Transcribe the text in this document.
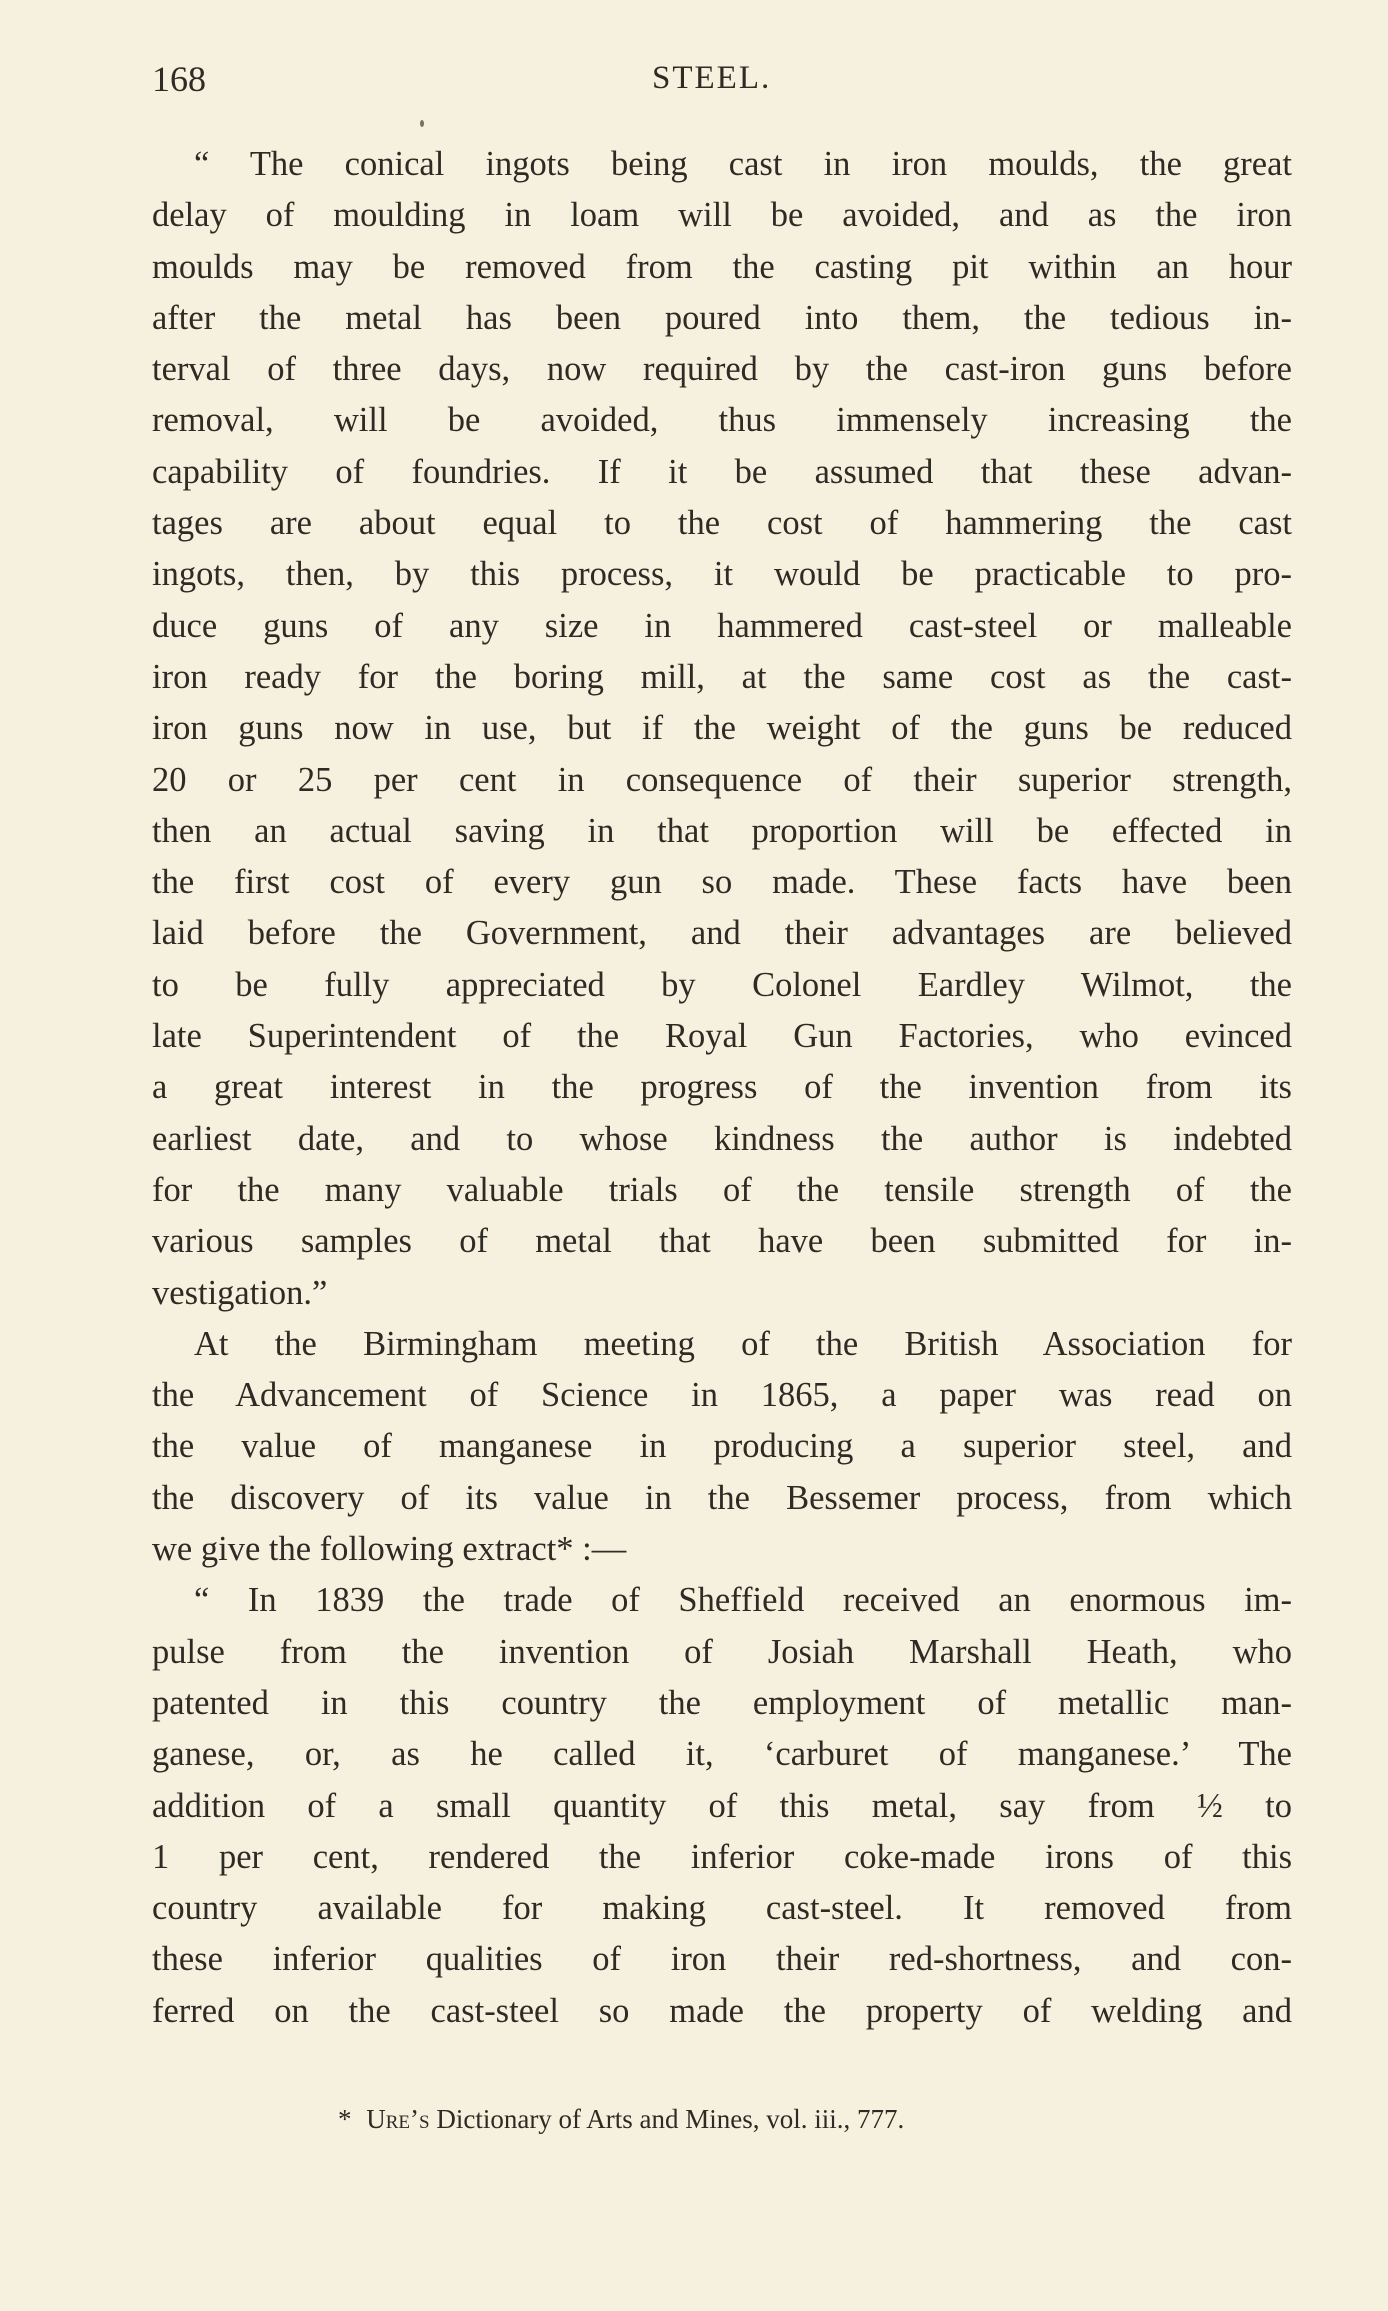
168	STEEL.
“ The conical ingots being cast in iron moulds, the great
delay of moulding in loam will be avoided, and as the iron
moulds may be removed from the casting pit within an hour
after the metal has been poured into them, the tedious in-
terval of three days, now required by the cast-iron guns before
removal, will be avoided, thus immensely increasing the
capability of foundries. If it be assumed that these advan-
tages are about equal to the cost of hammering the cast
ingots, then, by this process, it would be practicable to pro-
duce guns of any size in hammered cast-steel or malleable
iron ready for the boring mill, at the same cost as the cast-
iron guns now in use, but if the weight of the guns be reduced
20 or 25 per cent in consequence of their superior strength,
then an actual saving in that proportion will be effected in
the first cost of every gun so made. These facts have been
laid before the Government, and their advantages are believed
to be fully appreciated by Colonel Eardley Wilmot, the
late Superintendent of the Royal Gun Factories, who evinced
a great interest in the progress of the invention from its
earliest date, and to whose kindness the author is indebted
for the many valuable trials of the tensile strength of the
various samples of metal that have been submitted for in-
vestigation.”
At the Birmingham meeting of the British Association for
the Advancement of Science in 1865, a paper was read on
the value of manganese in producing a superior steel, and
the discovery of its value in the Bessemer process, from which
we give the following extract* :—
“ In 1839 the trade of Sheffield received an enormous im-
pulse from the invention of Josiah Marshall Heath, who
patented in this country the employment of metallic man-
ganese, or, as he called it, ‘carburet of manganese.’ The
addition of a small quantity of this metal, say from ½ to
1 per cent, rendered the inferior coke-made irons of this
country available for making cast-steel. It removed from
these inferior qualities of iron their red-shortness, and con-
ferred on the cast-steel so made the property of welding and
* Ure’s Dictionary of Arts and Mines, vol. iii., 777.
